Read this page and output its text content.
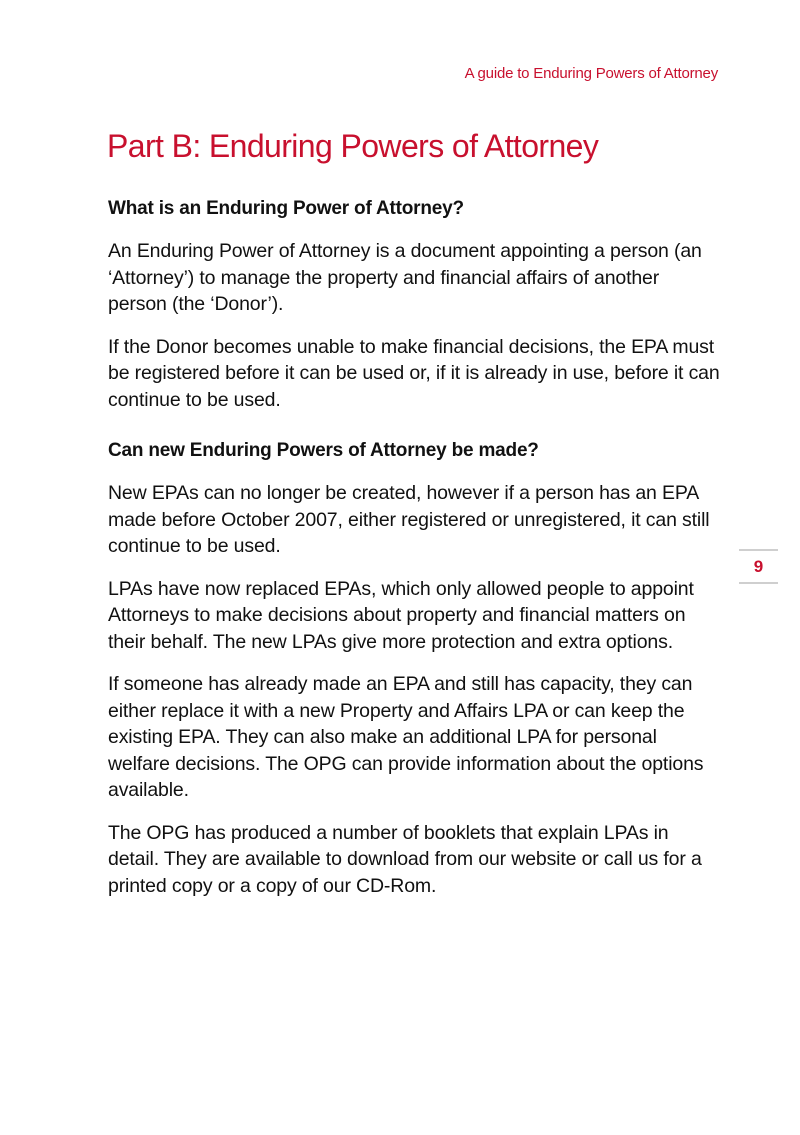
A guide to Enduring Powers of Attorney
Part B: Enduring Powers of Attorney
What is an Enduring Power of Attorney?

An Enduring Power of Attorney is a document appointing a person (an ‘Attorney’) to manage the property and financial affairs of another person (the ‘Donor’).

If the Donor becomes unable to make financial decisions, the EPA must be registered before it can be used or, if it is already in use, before it can continue to be used.

Can new Enduring Powers of Attorney be made?

New EPAs can no longer be created, however if a person has an EPA made before October 2007, either registered or unregistered, it can still continue to be used.

LPAs have now replaced EPAs, which only allowed people to appoint Attorneys to make decisions about property and financial matters on their behalf. The new LPAs give more protection and extra options.

If someone has already made an EPA and still has capacity, they can either replace it with a new Property and Affairs LPA or can keep the existing EPA. They can also make an additional LPA for personal welfare decisions. The OPG can provide information about the options available.

The OPG has produced a number of booklets that explain LPAs in detail. They are available to download from our website or call us for a printed copy or a copy of our CD-Rom.

9
